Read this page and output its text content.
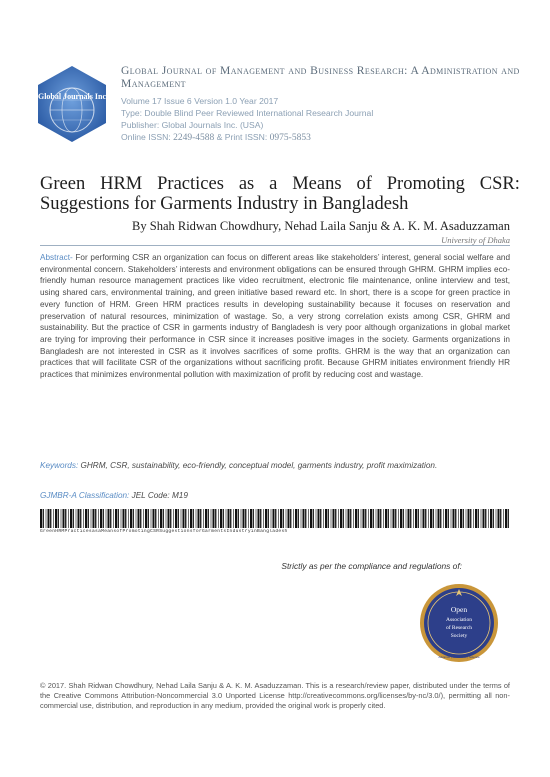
Global Journals Inc
Global Journal of Management and Business Research: A Administration and Management
Volume 17 Issue 6 Version 1.0 Year 2017
Type: Double Blind Peer Reviewed International Research Journal
Publisher: Global Journals Inc. (USA)
Online ISSN: 2249-4588 & Print ISSN: 0975-5853
Green HRM Practices as a Means of Promoting CSR:
Suggestions for Garments Industry in Bangladesh
By Shah Ridwan Chowdhury, Nehad Laila Sanju & A. K. M. Asaduzzaman
University of Dhaka
Abstract- For performing CSR an organization can focus on different areas like stakeholders’ interest, general social welfare and environmental concern. Stakeholders’ interests and environment obligations can be ensured through GHRM. GHRM implies eco-friendly human resource management practices like video recruitment, electronic file maintenance, online interview and test, using shared cars, environmental training, and green initiative based reward etc. In short, there is a scope for green practice in every function of HRM. Green HRM practices results in developing sustainability because it focuses on reservation and preservation of natural resources, minimization of wastage. So, a very strong correlation exists among CSR, GHRM and sustainability. But the practice of CSR in garments industry of Bangladesh is very poor although organizations in global market are trying for improving their performance in CSR since it increases positive images in the society. Garments organizations in Bangladesh are not interested in CSR as it involves sacrifices of some profits. GHRM is the way that an organization can practices that will facilitate CSR of the organizations without sacrificing profit. Because GHRM initiates environment friendly HR practices that minimizes environmental pollution with maximization of profit by reducing cost and wastage.
Keywords: GHRM, CSR, sustainability, eco-friendly, conceptual model, garments industry, profit maximization.
GJMBR-A Classification: JEL Code: M19
GreenHRMPracticesasaMeansofPromotingCSRSuggestionsforGarmentsIndustryinBangladesh
Strictly as per the compliance and regulations of:
Open
Association
of Research
Society
Advance | Weirdness | Science
© 2017. Shah Ridwan Chowdhury, Nehad Laila Sanju & A. K. M. Asaduzzaman. This is a research/review paper, distributed under the terms of the Creative Commons Attribution-Noncommercial 3.0 Unported License http://creativecommons.org/licenses/by-nc/3.0/), permitting all non-commercial use, distribution, and reproduction in any medium, provided the original work is properly cited.
